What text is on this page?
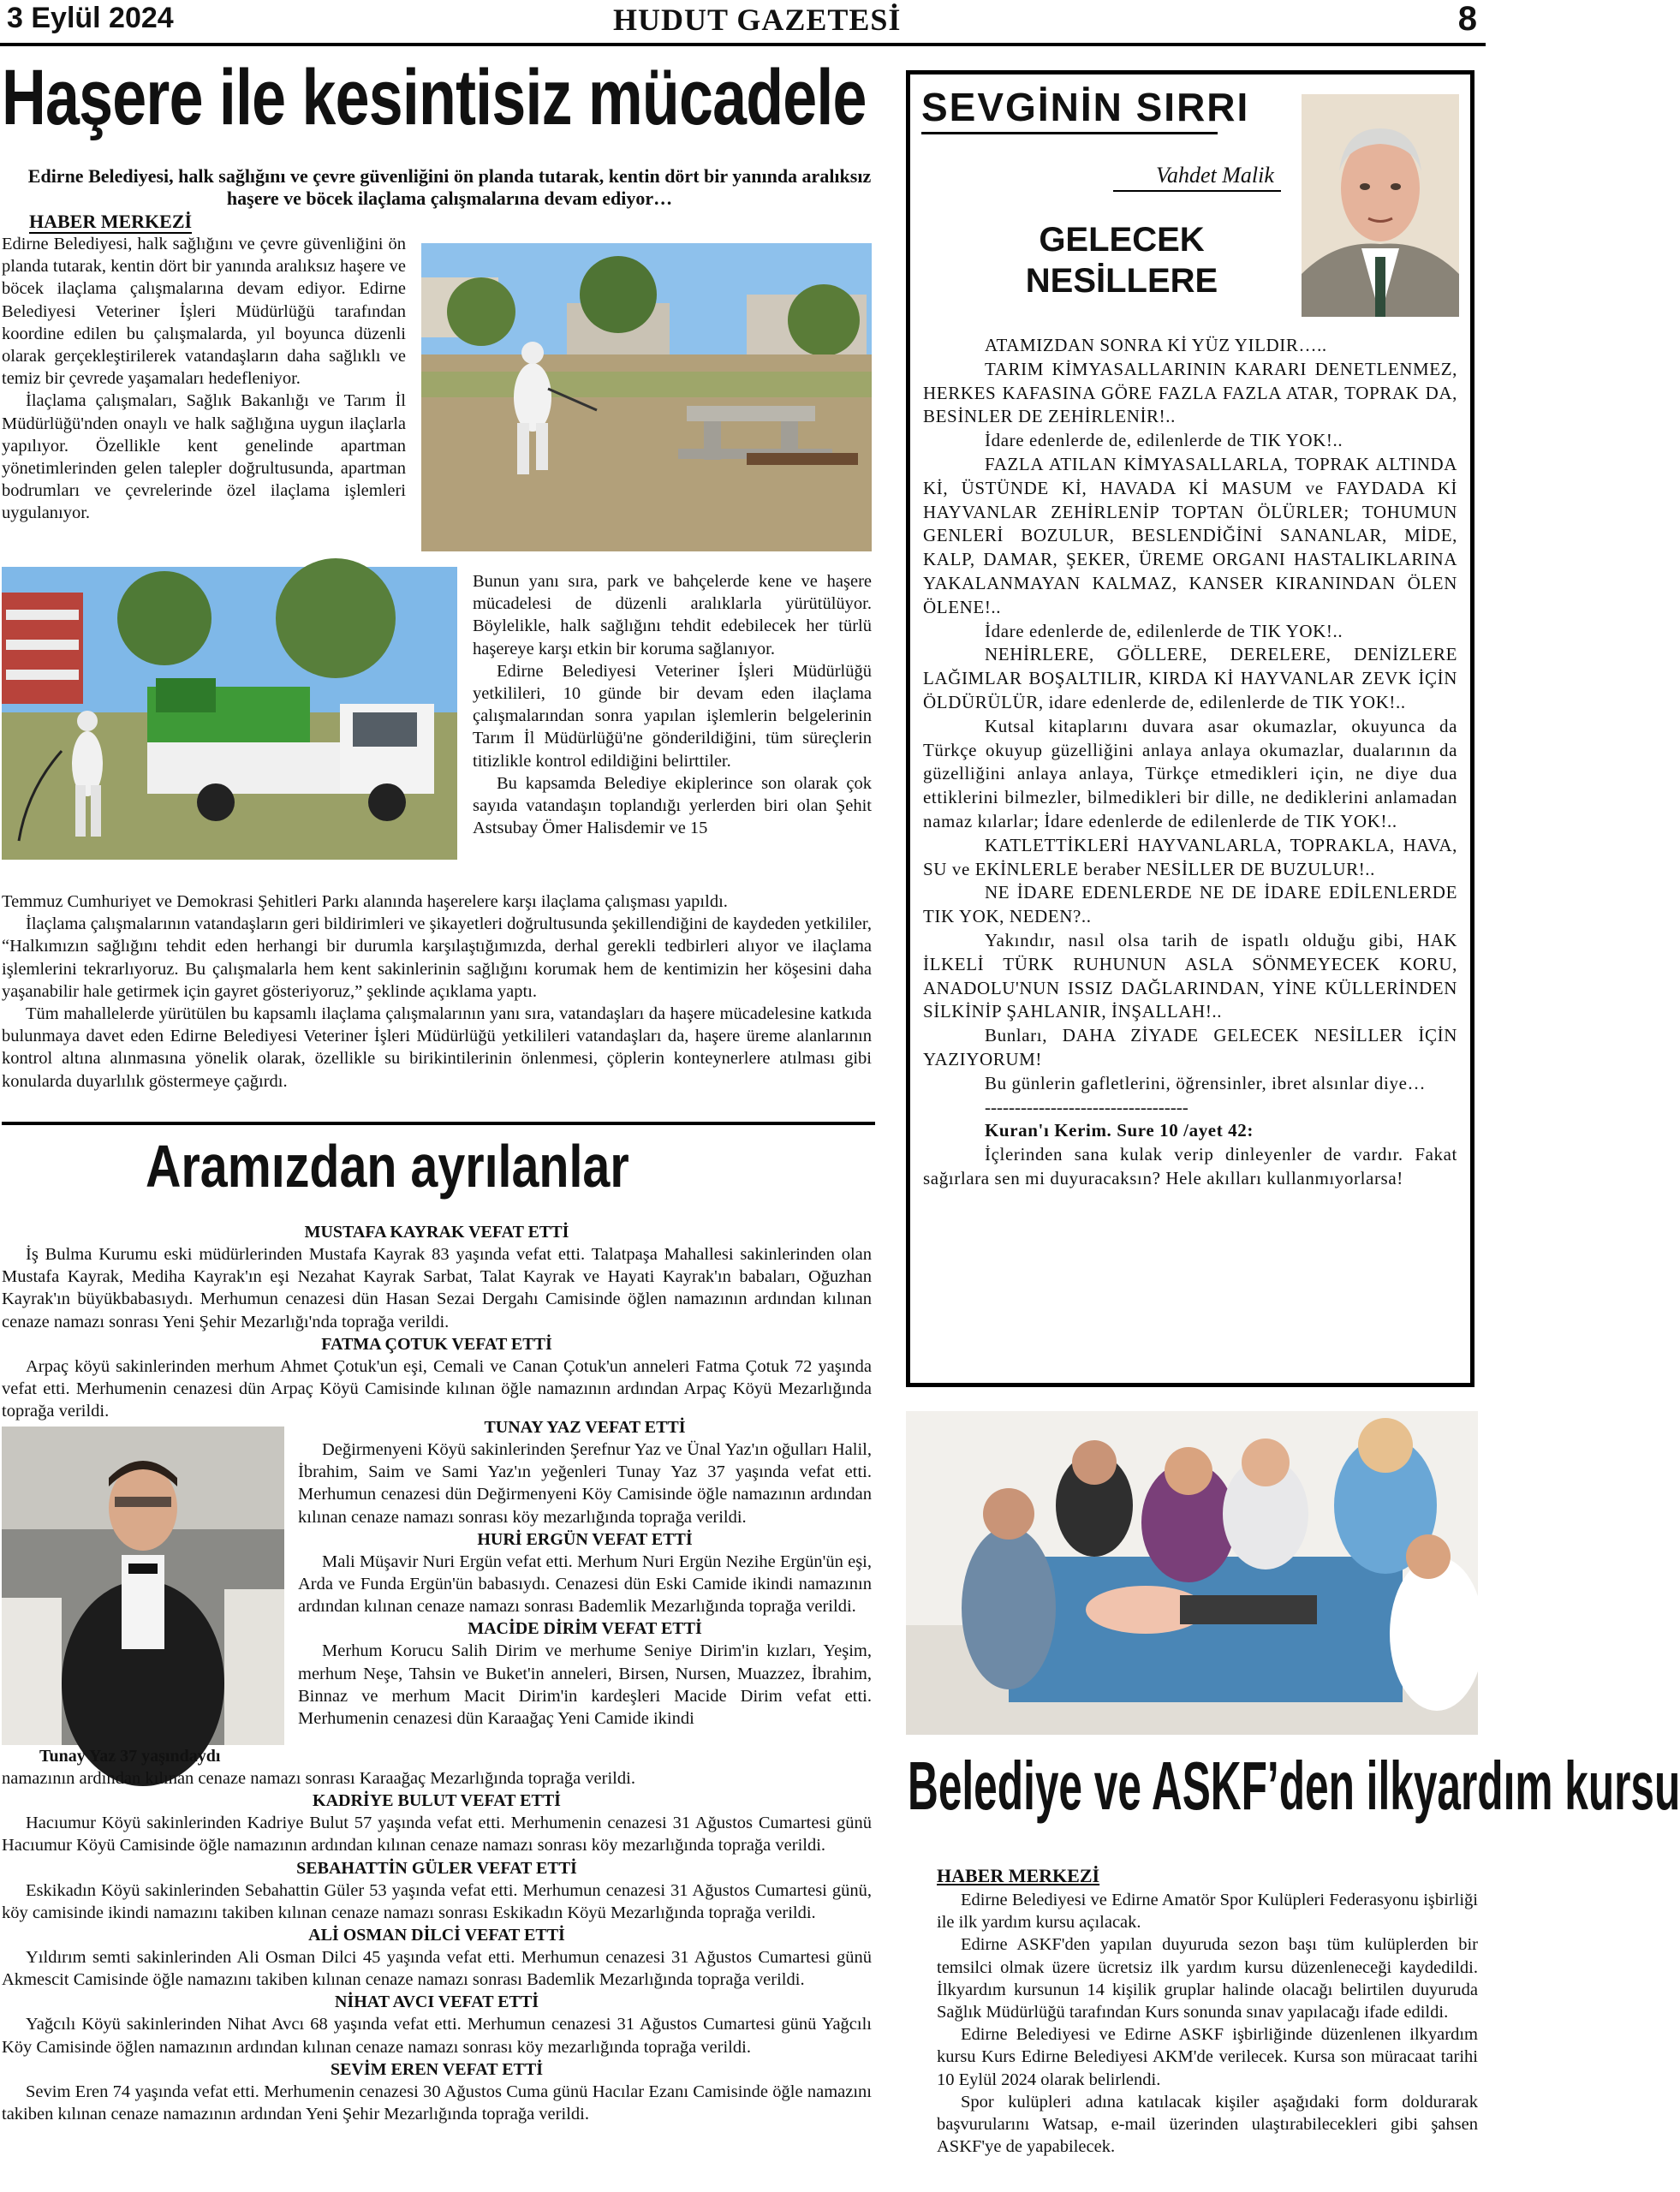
3 Eylül 2024	HUDUT GAZETESİ	8
Haşere ile kesintisiz mücadele
Edirne Belediyesi, halk sağlığını ve çevre güvenliğini ön planda tutarak, kentin dört bir yanında aralıksız haşere ve böcek ilaçlama çalışmalarına devam ediyor…
HABER MERKEZİ

Edirne Belediyesi, halk sağlığını ve çevre güvenliğini ön planda tutarak, kentin dört bir yanında aralıksız haşere ve böcek ilaçlama çalışmalarına devam ediyor. Edirne Belediyesi Veteriner İşleri Müdürlüğü tarafından koordine edilen bu çalışmalarda, yıl boyunca düzenli olarak gerçekleştirilerek vatandaşların daha sağlıklı ve temiz bir çevrede yaşamaları hedefleniyor.

İlaçlama çalışmaları, Sağlık Bakanlığı ve Tarım İl Müdürlüğü'nden onaylı ve halk sağlığına uygun ilaçlarla yapılıyor. Özellikle kent genelinde apartman yönetimlerinden gelen talepler doğrultusunda, apartman bodrumları ve çevrelerinde özel ilaçlama işlemleri uygulanıyor.

Bunun yanı sıra, park ve bahçelerde kene ve haşere mücadelesi de düzenli aralıklarla yürütülüyor. Böylelikle, halk sağlığını tehdit edebilecek her türlü haşereye karşı etkin bir koruma sağlanıyor.

Edirne Belediyesi Veteriner İşleri Müdürlüğü yetkilileri, 10 günde bir devam eden ilaçlama çalışmalarından sonra yapılan işlemlerin belgelerinin Tarım İl Müdürlüğü'ne gönderildiğini, tüm süreçlerin titizlikle kontrol edildiğini belirttiler.

Bu kapsamda Belediye ekiplerince son olarak çok sayıda vatandaşın toplandığı yerlerden biri olan Şehit Astsubay Ömer Halisdemir ve 15

Temmuz Cumhuriyet ve Demokrasi Şehitleri Parkı alanında haşerelere karşı ilaçlama çalışması yapıldı.

İlaçlama çalışmalarının vatandaşların geri bildirimleri ve şikayetleri doğrultusunda şekillendiğini de kaydeden yetkililer, “Halkımızın sağlığını tehdit eden herhangi bir durumla karşılaştığımızda, derhal gerekli tedbirleri alıyor ve ilaçlama işlemlerini tekrarlıyoruz. Bu çalışmalarla hem kent sakinlerinin sağlığını korumak hem de kentimizin her köşesini daha yaşanabilir hale getirmek için gayret gösteriyoruz,” şeklinde açıklama yaptı.

Tüm mahallelerde yürütülen bu kapsamlı ilaçlama çalışmalarının yanı sıra, vatandaşları da haşere mücadelesine katkıda bulunmaya davet eden Edirne Belediyesi Veteriner İşleri Müdürlüğü yetkilileri vatandaşları da, haşere üreme alanlarının kontrol altına alınmasına yönelik olarak, özellikle su birikintilerinin önlenmesi, çöplerin konteynerlere atılması gibi konularda duyarlılık göstermeye çağırdı.

Aramızdan ayrılanlar

MUSTAFA KAYRAK VEFAT ETTİ

İş Bulma Kurumu eski müdürlerinden Mustafa Kayrak 83 yaşında vefat etti. Talatpaşa Mahallesi sakinlerinden olan Mustafa Kayrak, Mediha Kayrak'ın eşi Nezahat Kayrak Sarbat, Talat Kayrak ve Hayati Kayrak'ın babaları, Oğuzhan Kayrak'ın büyükbabasıydı. Merhumun cenazesi dün Hasan Sezai Dergahı Camisinde öğlen namazının ardından kılınan cenaze namazı sonrası Yeni Şehir Mezarlığı'nda toprağa verildi.

FATMA ÇOTUK VEFAT ETTİ

Arpaç köyü sakinlerinden merhum Ahmet Çotuk'un eşi, Cemali ve Canan Çotuk'un anneleri Fatma Çotuk 72 yaşında vefat etti. Merhumenin cenazesi dün Arpaç Köyü Camisinde kılınan öğle namazının ardından Arpaç Köyü Mezarlığında toprağa verildi.

Tunay Yaz 37 yaşındaydı

TUNAY YAZ VEFAT ETTİ

Değirmenyeni Köyü sakinlerinden Şerefnur Yaz ve Ünal Yaz'ın oğulları Halil, İbrahim, Saim ve Sami Yaz'ın yeğenleri Tunay Yaz 37 yaşında vefat etti. Merhumun cenazesi dün Değirmenyeni Köy Camisinde öğle namazının ardından kılınan cenaze namazı sonrası köy mezarlığında toprağa verildi.

HURİ ERGÜN VEFAT ETTİ

Mali Müşavir Nuri Ergün vefat etti. Merhum Nuri Ergün Nezihe Ergün'ün eşi, Arda ve Funda Ergün'ün babasıydı. Cenazesi dün Eski Camide ikindi namazının ardından kılınan cenaze namazı sonrası Bademlik Mezarlığında toprağa verildi.

MACİDE DİRİM VEFAT ETTİ

Merhum Korucu Salih Dirim ve merhume Seniye Dirim'in kızları, Yeşim, merhum Neşe, Tahsin ve Buket'in anneleri, Birsen, Nursen, Muazzez, İbrahim, Binnaz ve merhum Macit Dirim'in kardeşleri Macide Dirim vefat etti. Merhumenin cenazesi dün Karaağaç Yeni Camide ikindi

namazının ardından kılınan cenaze namazı sonrası Karaağaç Mezarlığında toprağa verildi.

KADRİYE BULUT VEFAT ETTİ

Hacıumur Köyü sakinlerinden Kadriye Bulut 57 yaşında vefat etti. Merhumenin cenazesi 31 Ağustos Cumartesi günü Hacıumur Köyü Camisinde öğle namazının ardından kılınan cenaze namazı sonrası köy mezarlığında toprağa verildi.

SEBAHATTİN GÜLER VEFAT ETTİ

Eskikadın Köyü sakinlerinden Sebahattin Güler 53 yaşında vefat etti. Merhumun cenazesi 31 Ağustos Cumartesi günü, köy camisinde ikindi namazını takiben kılınan cenaze namazı sonrası Eskikadın Köyü Mezarlığında toprağa verildi.

ALİ OSMAN DİLCİ VEFAT ETTİ

Yıldırım semti sakinlerinden Ali Osman Dilci 45 yaşında vefat etti. Merhumun cenazesi 31 Ağustos Cumartesi günü Akmescit Camisinde öğle namazını takiben kılınan cenaze namazı sonrası Bademlik Mezarlığında toprağa verildi.

NİHAT AVCI VEFAT ETTİ

Yağcılı Köyü sakinlerinden Nihat Avcı 68 yaşında vefat etti. Merhumun cenazesi 31 Ağustos Cumartesi günü Yağcılı Köy Camisinde öğlen namazının ardından kılınan cenaze namazı sonrası köy mezarlığında toprağa verildi.

SEVİM EREN VEFAT ETTİ

Sevim Eren 74 yaşında vefat etti. Merhumenin cenazesi 30 Ağustos Cuma günü Hacılar Ezanı Camisinde öğle namazını takiben kılınan cenaze namazının ardından Yeni Şehir Mezarlığında toprağa verildi.

SEVGİNİN SIRRI
Vahdet Malik
GELECEK
NESİLLERE

ATAMIZDAN SONRA Kİ YÜZ YILDIR…..

TARIM KİMYASALLARININ KARARI DENETLENMEZ, HERKES KAFASINA GÖRE FAZLA FAZLA ATAR, TOPRAK DA, BESİNLER DE ZEHİRLENİR!..

İdare edenlerde de, edilenlerde de TIK YOK!..

FAZLA ATILAN KİMYASALLARLA, TOPRAK ALTINDA Kİ, ÜSTÜNDE Kİ, HAVADA Kİ MASUM ve FAYDADA Kİ HAYVANLAR ZEHİRLENİP TOPTAN ÖLÜRLER; TOHUMUN GENLERİ BOZULUR, BESLENDİĞİNİ SANANLAR, MİDE, KALP, DAMAR, ŞEKER, ÜREME ORGANI HASTALIKLARINA YAKALANMAYAN KALMAZ, KANSER KIRANINDAN ÖLEN ÖLENE!..

İdare edenlerde de, edilenlerde de TIK YOK!..

NEHİRLERE, GÖLLERE, DERELERE, DENİZLERE LAĞIMLAR BOŞALTILIR, KIRDA Kİ HAYVANLAR ZEVK İÇİN ÖLDÜRÜLÜR, idare edenlerde de, edilenlerde de TIK YOK!..

Kutsal kitaplarını duvara asar okumazlar, okuyunca da Türkçe okuyup güzelliğini anlaya anlaya okumazlar, dualarının da güzelliğini anlaya anlaya, Türkçe etmedikleri için, ne diye dua ettiklerini bilmezler, bilmedikleri bir dille, ne dediklerini anlamadan namaz kılarlar; İdare edenlerde de edilenlerde de TIK YOK!..

KATLETTİKLERİ HAYVANLARLA, TOPRAKLA, HAVA, SU ve EKİNLERLE beraber NESİLLER DE BUZULUR!..

NE İDARE EDENLERDE NE DE İDARE EDİLENLERDE TIK YOK, NEDEN?..

Yakındır, nasıl olsa tarih de ispatlı olduğu gibi, HAK İLKELİ TÜRK RUHUNUN ASLA SÖNMEYECEK KORU, ANADOLU'NUN ISSIZ DAĞLARINDAN, YİNE KÜLLERİNDEN SİLKİNİP ŞAHLANIR, İNŞALLAH!..

Bunları, DAHA ZİYADE GELECEK NESİLLER İÇİN YAZIYORUM!

Bu günlerin gafletlerini, öğrensinler, ibret alsınlar diye…

----------------------------------

Kuran'ı Kerim. Sure 10 /ayet 42:

İçlerinden sana kulak verip dinleyenler de vardır. Fakat sağırlara sen mi duyuracaksın? Hele akılları kullanmıyorlarsa!

Belediye ve ASKF’den ilkyardım kursu
HABER MERKEZİ

Edirne Belediyesi ve Edirne Amatör Spor Kulüpleri Federasyonu işbirliği ile ilk yardım kursu açılacak.

Edirne ASKF'den yapılan duyuruda sezon başı tüm kulüplerden bir temsilci olmak üzere ücretsiz ilk yardım kursu düzenleneceği kaydedildi. İlkyardım kursunun 14 kişilik gruplar halinde olacağı belirtilen duyuruda Sağlık Müdürlüğü tarafından Kurs sonunda sınav yapılacağı ifade edildi.

Edirne Belediyesi ve Edirne ASKF işbirliğinde düzenlenen ilkyardım kursu Kurs Edirne Belediyesi AKM'de verilecek. Kursa son müracaat tarihi 10 Eylül 2024 olarak belirlendi.

Spor kulüpleri adına katılacak kişiler aşağıdaki form doldurarak başvurularını Watsap, e-mail üzerinden ulaştırabilecekleri gibi şahsen ASKF'ye de yapabilecek.
